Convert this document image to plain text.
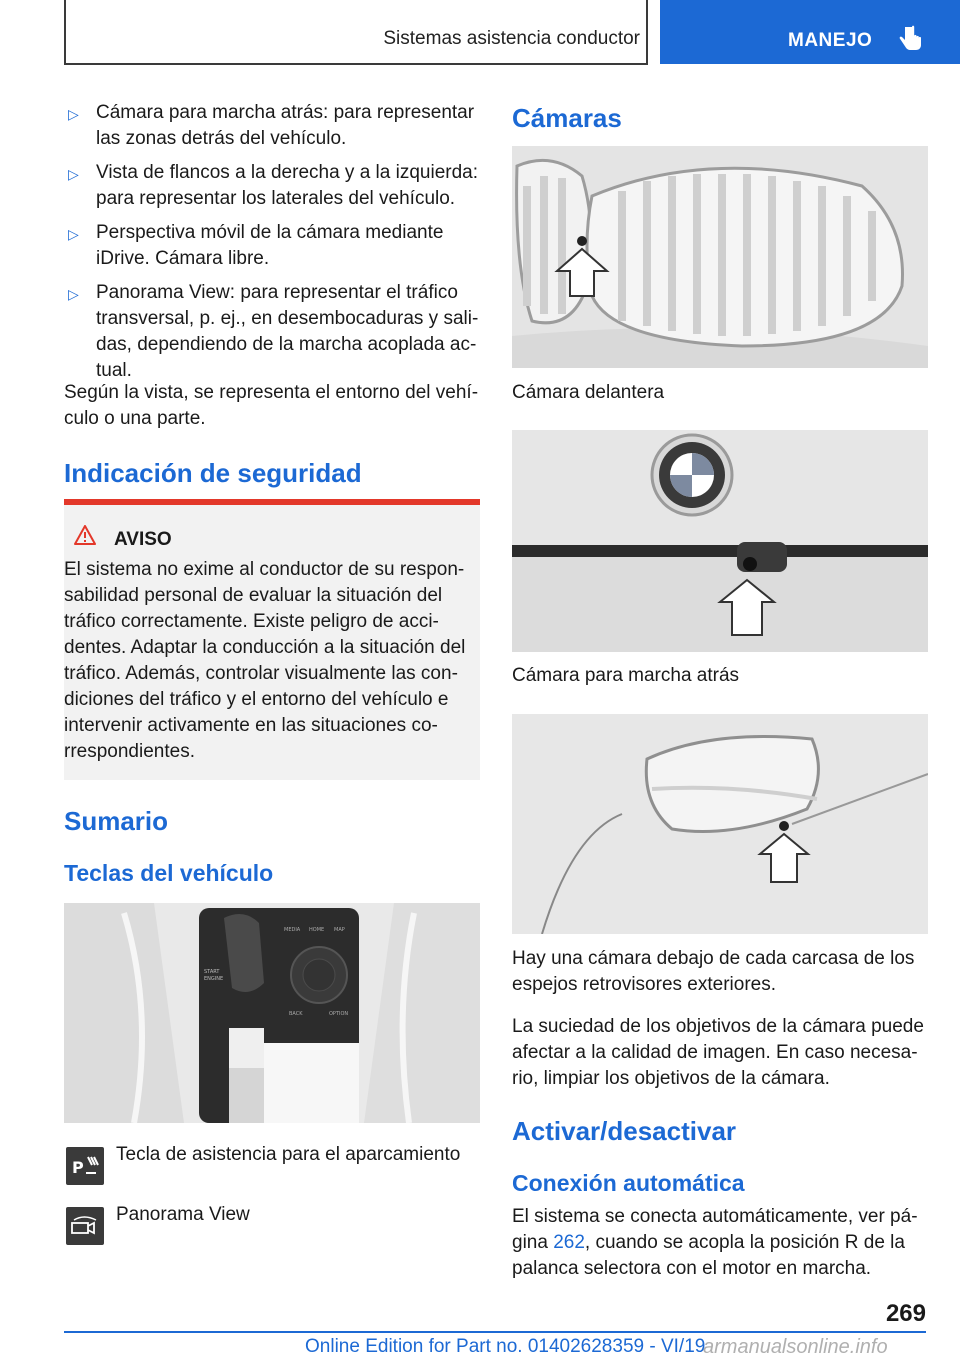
Sistemas asistencia conductor	MANEJO
▷ Cámara para marcha atrás: para representar las zonas detrás del vehículo.
▷ Vista de flancos a la derecha y a la izquierda: para representar los laterales del vehículo.
▷ Perspectiva móvil de la cámara mediante iDrive. Cámara libre.
▷ Panorama View: para representar el tráfico transversal, p. ej., en desembocaduras y sali‐das, dependiendo de la marcha acoplada ac‐tual.
Según la vista, se representa el entorno del vehí‐culo o una parte.
Indicación de seguridad
AVISO
El sistema no exime al conductor de su respon‐sabilidad personal de evaluar la situación del tráfico correctamente. Existe peligro de acci‐dentes. Adaptar la conducción a la situación del tráfico. Además, controlar visualmente las con‐diciones del tráfico y el entorno del vehículo e intervenir activamente en las situaciones co‐rrespondientes.
Sumario
Teclas del vehículo
MEDIA HOME MAP
BACK	OPTION
START
ENGINE
P
Tecla de asistencia para el aparcamiento
Panorama View
Cámaras
Cámara delantera
Cámara para marcha atrás
Hay una cámara debajo de cada carcasa de los espejos retrovisores exteriores.
La suciedad de los objetivos de la cámara puede afectar a la calidad de imagen. En caso necesa‐rio, limpiar los objetivos de la cámara.
Activar/desactivar
Conexión automática
El sistema se conecta automáticamente, ver pá‐gina 262, cuando se acopla la posición R de la palanca selectora con el motor en marcha.
269
Online Edition for Part no. 01402628359 - VI/19
armanualsonline.info
